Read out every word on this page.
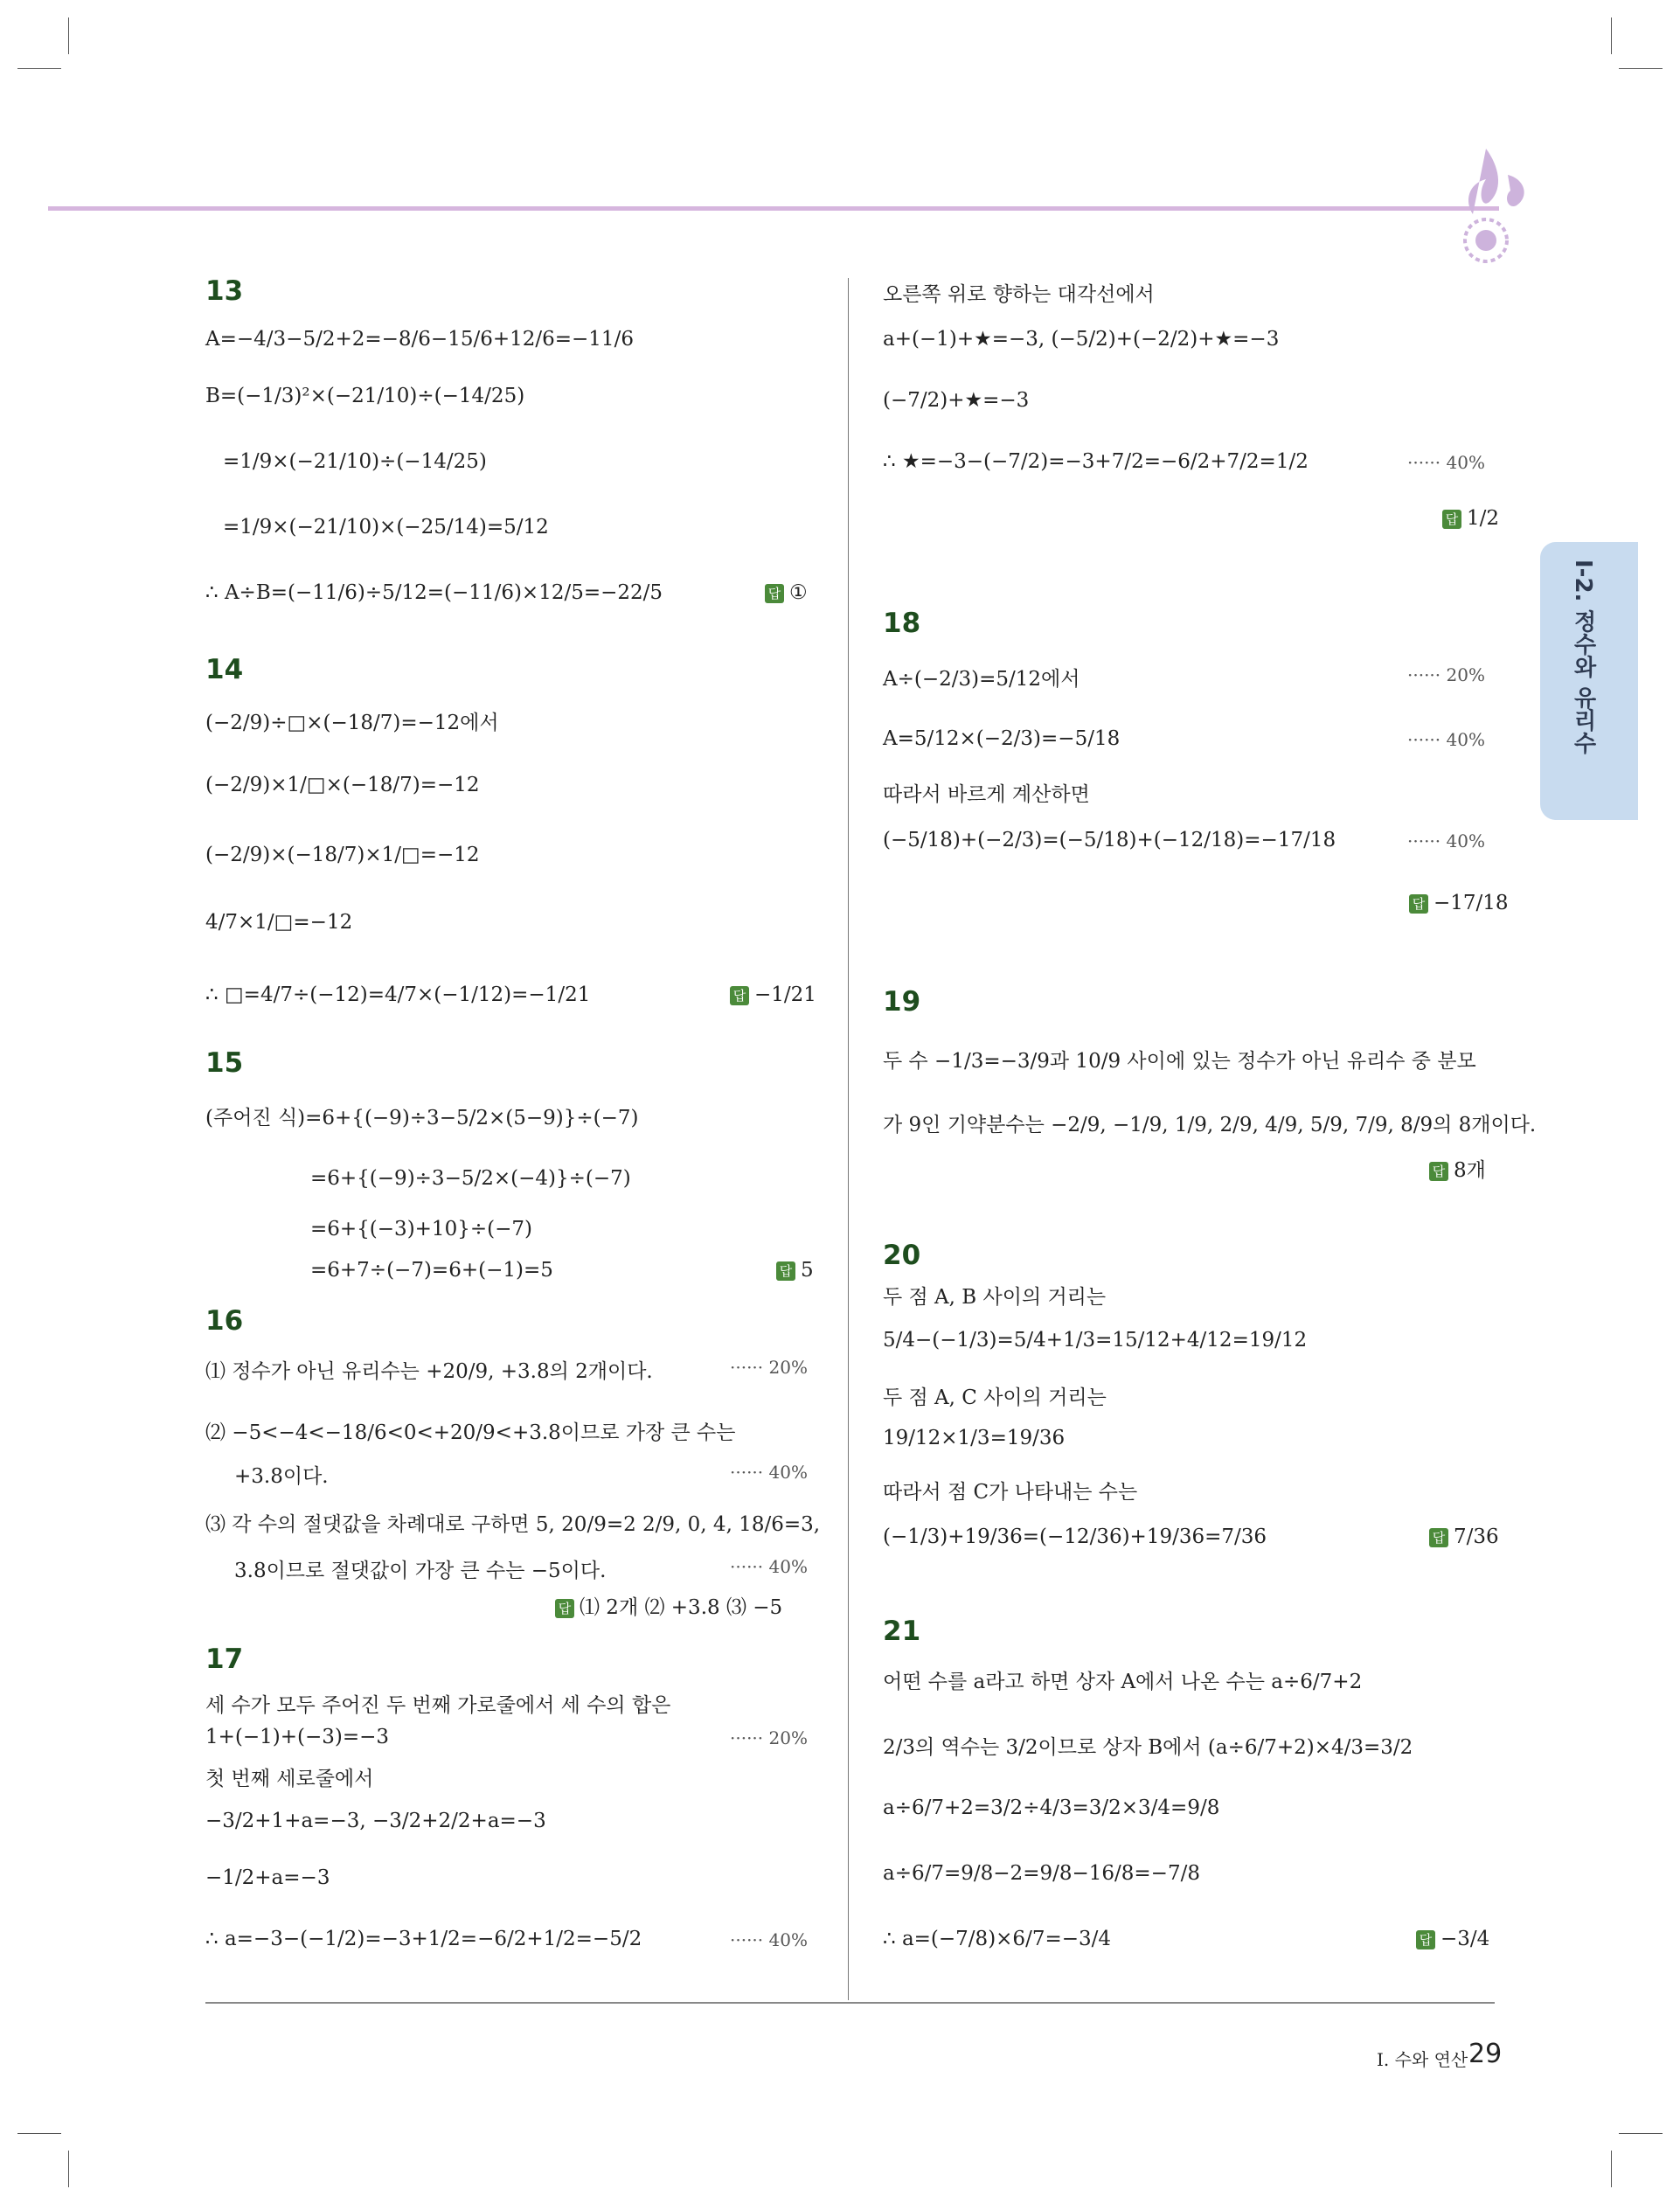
I-2. 정수와 유리수
13
A=−4/3−5/2+2=−8/6−15/6+12/6=−11/6
B=(−1/3)²×(−21/10)÷(−14/25)
=1/9×(−21/10)÷(−14/25)
=1/9×(−21/10)×(−25/14)=5/12
∴ A÷B=(−11/6)÷5/12=(−11/6)×12/5=−22/5	답 ①
14
(−2/9)÷□×(−18/7)=−12에서
(−2/9)×1/□×(−18/7)=−12
(−2/9)×(−18/7)×1/□=−12
4/7×1/□=−12
∴ □=4/7÷(−12)=4/7×(−1/12)=−1/21	답 −1/21
15
(주어진 식)=6+{(−9)÷3−5/2×(5−9)}÷(−7)
=6+{(−9)÷3−5/2×(−4)}÷(−7)
=6+{(−3)+10}÷(−7)
=6+7÷(−7)=6+(−1)=5	답 5
16
⑴ 정수가 아닌 유리수는 +20/9, +3.8의 2개이다.	······ 20%
⑵ −5<−4<−18/6<0<+20/9<+3.8이므로 가장 큰 수는
+3.8이다.	······ 40%
⑶ 각 수의 절댓값을 차례대로 구하면 5, 20/9=2 2/9, 0, 4, 18/6=3,
3.8이므로 절댓값이 가장 큰 수는 −5이다.	······ 40%
답 ⑴ 2개 ⑵ +3.8 ⑶ −5
17
세 수가 모두 주어진 두 번째 가로줄에서 세 수의 합은
1+(−1)+(−3)=−3	······ 20%
첫 번째 세로줄에서
−3/2+1+a=−3, −3/2+2/2+a=−3
−1/2+a=−3
∴ a=−3−(−1/2)=−3+1/2=−6/2+1/2=−5/2	······ 40%
오른쪽 위로 향하는 대각선에서
a+(−1)+★=−3, (−5/2)+(−2/2)+★=−3
(−7/2)+★=−3
∴ ★=−3−(−7/2)=−3+7/2=−6/2+7/2=1/2	······ 40%
답 1/2
18
A÷(−2/3)=5/12에서	······ 20%
A=5/12×(−2/3)=−5/18	······ 40%
따라서 바르게 계산하면
(−5/18)+(−2/3)=(−5/18)+(−12/18)=−17/18	······ 40%
답 −17/18
19
두 수 −1/3=−3/9과 10/9 사이에 있는 정수가 아닌 유리수 중 분모
가 9인 기약분수는 −2/9, −1/9, 1/9, 2/9, 4/9, 5/9, 7/9, 8/9의 8개이다.
답 8개
20
두 점 A, B 사이의 거리는
5/4−(−1/3)=5/4+1/3=15/12+4/12=19/12
두 점 A, C 사이의 거리는
19/12×1/3=19/36
따라서 점 C가 나타내는 수는
(−1/3)+19/36=(−12/36)+19/36=7/36	답 7/36
21
어떤 수를 a라고 하면 상자 A에서 나온 수는 a÷6/7+2
2/3의 역수는 3/2이므로 상자 B에서 (a÷6/7+2)×4/3=3/2
a÷6/7+2=3/2÷4/3=3/2×3/4=9/8
a÷6/7=9/8−2=9/8−16/8=−7/8
∴ a=(−7/8)×6/7=−3/4	답 −3/4
I. 수와 연산 29
